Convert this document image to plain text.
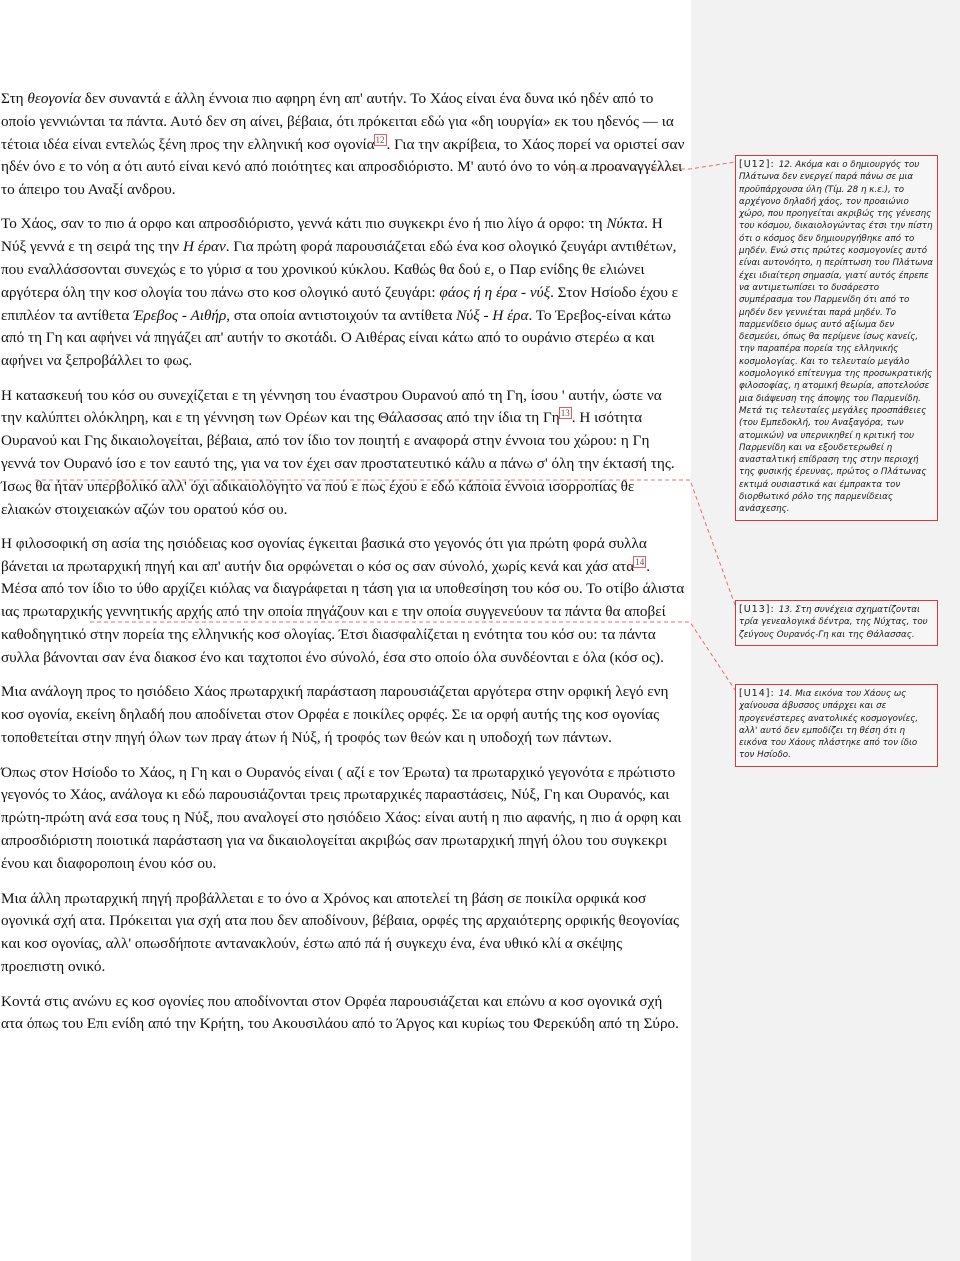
Στη θεογονία δεν συναντά ε άλλη έννοια πιο αφηρη ένη απ' αυτήν. Το Χάος είναι ένα δυνα ικό ηδέν από το οποίο γεννιώνται τα πάντα. Αυτό δεν ση αίνει, βέβαια, ότι πρόκειται εδώ για «δη ιουργία» εκ του ηδενός — ια τέτοια ιδέα είναι εντελώς ξένη προς την ελληνική κοσ ογονία$^{12}$ . Για την ακρίβεια, το Χάος πορεί να οριστεί σαν ηδέν όνο ε το νόη α ότι αυτό είναι κενό από ποιότητες και απροσδιόριστο. Μ' αυτό όνο το νόη α προαναγγέλλει το άπειρο του Αναξί ανδρου.

Το Χάος, σαν το πιο ά ορφο και απροσδιόριστο, γεννά κάτι πιο συγκεκρι ένο ή πιο λίγο ά ορφο: τη Νύκτα. Η Νύξ γεννά ε τη σειρά της την Η έραν. Για πρώτη φορά παρουσιάζεται εδώ ένα κοσ ολογικό ζευγάρι αντιθέτων, που εναλλάσσονται συνεχώς ε το γύρισ α του χρονικού κύκλου. Καθώς θα δού ε, ο Παρ ενίδης θε ελιώνει αργότερα όλη την κοσ ολογία του πάνω στο κοσ ολογικό αυτό ζευγάρι: φάος ή η έρα - νύξ. Στον Ησίοδο έχου ε επιπλέον τα αντίθετα Έρεβος - Αιθήρ, στα οποία αντιστοιχούν τα αντίθετα Νύξ - Η έρα. Το Έρεβος-είναι κάτω από τη Γη και αφήνει νά πηγάζει απ' αυτήν το σκοτάδι. Ο Αιθέρας είναι κάτω από το ουράνιο στερέω α και αφήνει να ξεπροβάλλει το φως.

Η κατασκευή του κόσ ου συνεχίζεται ε τη γέννηση του έναστρου Ουρανού από τη Γη, ίσου ' αυτήν, ώστε να την καλύπτει ολόκληρη, και ε τη γέννηση των Ορέων και της Θάλασσας από την ίδια τη Γη$^{13}$ . Η ισότητα Ουρανού και Γης δικαιολογείται, βέβαια, από τον ίδιο τον ποιητή ε αναφορά στην έννοια του χώρου: η Γη γεννά τον Ουρανό ίσο ε τον εαυτό της, για να τον έχει σαν προστατευτικό κάλυ α πάνω σ' όλη την έκτασή της. Ίσως θα ήταν υπερβολικό αλλ' όχι αδικαιολόγητο να πού ε πως έχου ε εδώ κάποια έννοια ισορροπίας θε ελιακών στοιχειακών αζών του ορατού κόσ ου.

Η φιλοσοφική ση ασία της ησιόδειας κοσ ογονίας έγκειται βασικά στο γεγονός ότι για πρώτη φορά συλλα βάνεται ια πρωταρχική πηγή και απ' αυτήν δια ορφώνεται ο κόσ ος σαν σύνολό, χωρίς κενά και χάσ ατα$^{14}$ . Μέσα από τον ίδιο το ύθο αρχίζει κιόλας να διαγράφεται η τάση για ια υποθεσίηση του κόσ ου. Το οτίβο άλιστα ιας πρωταρχικής γεννητικής αρχής από την οποία πηγάζουν και ε την οποία συγγενεύουν τα πάντα θα αποβεί καθοδηγητικό στην πορεία της ελληνικής κοσ ολογίας. Έτσι διασφαλίζεται η ενότητα του κόσ ου: τα πάντα συλλα βάνονται σαν ένα διακοσ ένο και ταχτοποι ένο σύνολό, έσα στο οποίο όλα συνδέονται ε όλα (κόσ ος).

Μια ανάλογη προς το ησιόδειο Χάος πρωταρχική παράσταση παρουσιάζεται αργότερα στην ορφική λεγό ενη κοσ ογονία, εκείνη δηλαδή που αποδίνεται στον Ορφέα ε ποικίλες ορφές. Σε ια ορφή αυτής της κοσ ογονίας τοποθετείται στην πηγή όλων των πραγ άτων ή Νύξ, ή τροφός των θεών και η υποδοχή των πάντων.

Όπως στον Ησίοδο το Χάος, η Γη και ο Ουρανός είναι ( αζί ε τον Έρωτα) τα πρωταρχικό γεγονότα ε πρώτιστο γεγονός το Χάος, ανάλογα κι εδώ παρουσιάζονται τρεις πρωταρχικές παραστάσεις, Νύξ, Γη και Ουρανός, και πρώτη-πρώτη ανά εσα τους η Νύξ, που αναλογεί στο ησιόδειο Χάος: είναι αυτή η πιο αφανής, η πιο ά ορφη και απροσδιόριστη ποιοτικά παράσταση για να δικαιολογείται ακριβώς σαν πρωταρχική πηγή όλου του συγκεκρι ένου και διαφοροποιη ένου κόσ ου.

Μια άλλη πρωταρχική πηγή προβάλλεται ε το όνο α Χρόνος και αποτελεί τη βάση σε ποικίλα ορφικά κοσ ογονικά σχή ατα. Πρόκειται για σχή ατα που δεν αποδίνουν, βέβαια, ορφές της αρχαιότερης ορφικής θεογονίας και κοσ ογονίας, αλλ' οπωσδήποτε αντανακλούν, έστω από πά ή συγκεχυ ένα, ένα υθικό κλί α σκέψης προεπιστη ονικό.

Κοντά στις ανώνυ ες κοσ ογονίες που αποδίνονται στον Ορφέα παρουσιάζεται και επώνυ α κοσ ογονικά σχή ατα όπως του Επι ενίδη από την Κρήτη, του Ακουσιλάου από το Άργος και κυρίως του Φερεκύδη από τη Σύρο.

[U12]: 12. Ακόμα και ο δημιουργός του Πλάτωνα δεν ενεργεί παρά πάνω σε μια προϋπάρχουσα ύλη (Τίμ. 28 η κ.ε.), το αρχέγονο δηλαδή χάος, τον προαιώνιο χώρο, που προηγείται ακριβώς της γένεσης του κόσμου, δικαιολογώντας έτσι την πίστη ότι ο κόσμος δεν δημιουργήθηκε από το μηδέν. Ενώ στις πρώτες κοσμογονίες αυτό είναι αυτονόητο, η περίπτωση του Πλάτωνα έχει ιδιαίτερη σημασία, γιατί αυτός έπρεπε να αντιμετωπίσει το δυσάρεστο συμπέρασμα του Παρμενίδη ότι από το μηδέν δεν γεννιέται παρά μηδέν. Το παρμενίδειο όμως αυτό αξίωμα δεν δεσμεύει, όπως θα περίμενε ίσως κανείς, την παραπέρα πορεία της ελληνικής κοσμολογίας. Και το τελευταίο μεγάλο κοσμολογικό επίτευγμα της προσωκρατικής φιλοσοφίας, η ατομική θεωρία, αποτελούσε μια διάψευση της άποψης του Παρμενίδη. Μετά τις τελευταίες μεγάλες προσπάθειες (του Εμπεδοκλή, του Αναξαγόρα, των ατομικών) να υπερνικηθεί η κριτική του Παρμενίδη και να εξουδετερωθεί η ανασταλτική επίδραση της στην περιοχή της φυσικής έρευνας, πρώτος ο Πλάτωνας εκτιμά ουσιαστικά και έμπρακτα τον διορθωτικό ρόλο της παρμενίδειας ανάσχεσης.
[U13]: 13. Στη συνέχεια σχηματίζονται τρία γενεαλογικά δέντρα, της Νύχτας, του ζεύγους Ουρανός-Γη και της Θάλασσας.
[U14]: 14. Μια εικόνα του Χάους ως χαίνουσα άβυσσος υπάρχει και σε προγενέστερες ανατολικές κοσμογονίες, αλλ' αυτό δεν εμποδίζει τη θέση ότι η εικόνα του Χάους πλάστηκε από τον ίδιο τον Ησίοδο.
